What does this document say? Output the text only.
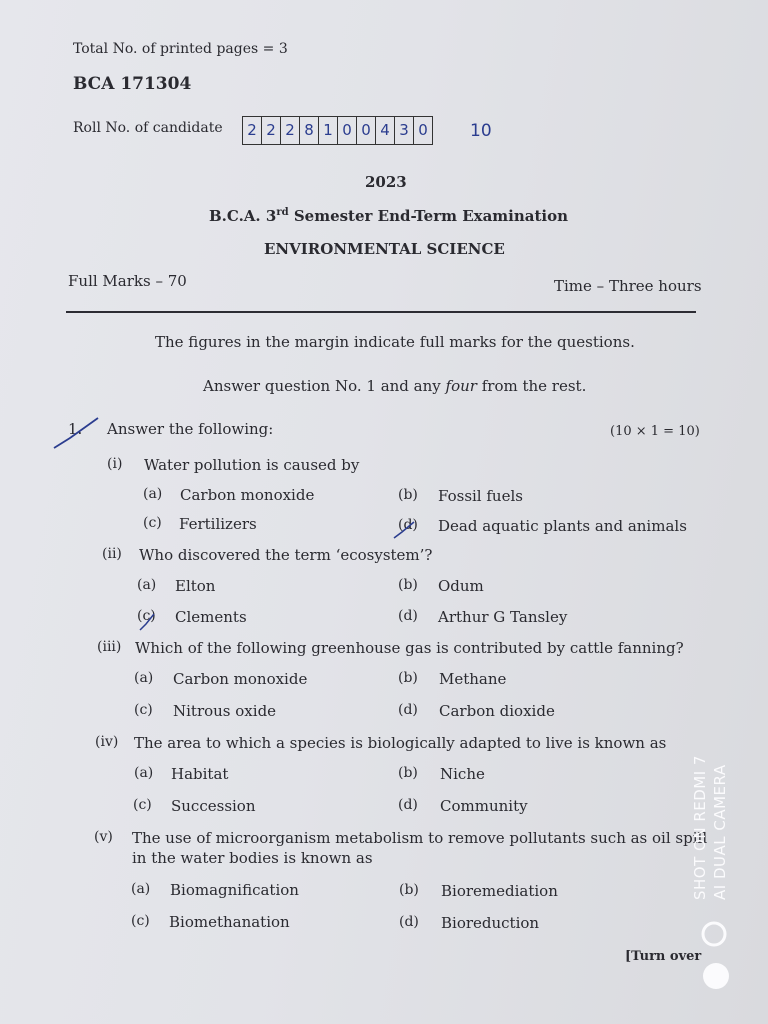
Total No. of printed pages = 3
BCA 171304
Roll No. of candidate 2 2 2 8 1 0 0 4 3 0 10
2023
B.C.A. 3rd Semester End-Term Examination
ENVIRONMENTAL SCIENCE
Full Marks – 70	Time – Three hours
The figures in the margin indicate full marks for the questions.
Answer question No. 1 and any four from the rest.
1. Answer the following:	(10 × 1 = 10)
(i) Water pollution is caused by
(a) Carbon monoxide	(b) Fossil fuels
(c) Fertilizers	(d) Dead aquatic plants and animals
(ii) Who discovered the term ‘ecosystem’?
(a) Elton	(b) Odum
(c) Clements	(d) Arthur G Tansley
(iii) Which of the following greenhouse gas is contributed by cattle fanning?
(a) Carbon monoxide	(b) Methane
(c) Nitrous oxide	(d) Carbon dioxide
(iv) The area to which a species is biologically adapted to live is known as
(a) Habitat	(b) Niche
(c) Succession	(d) Community
(v) The use of microorganism metabolism to remove pollutants such as oil spill
in the water bodies is known as
(a) Biomagnification	(b) Bioremediation
(c) Biomethanation	(d) Bioreduction
[Turn over
SHOT ON REDMI 7 AI DUAL CAMERA
